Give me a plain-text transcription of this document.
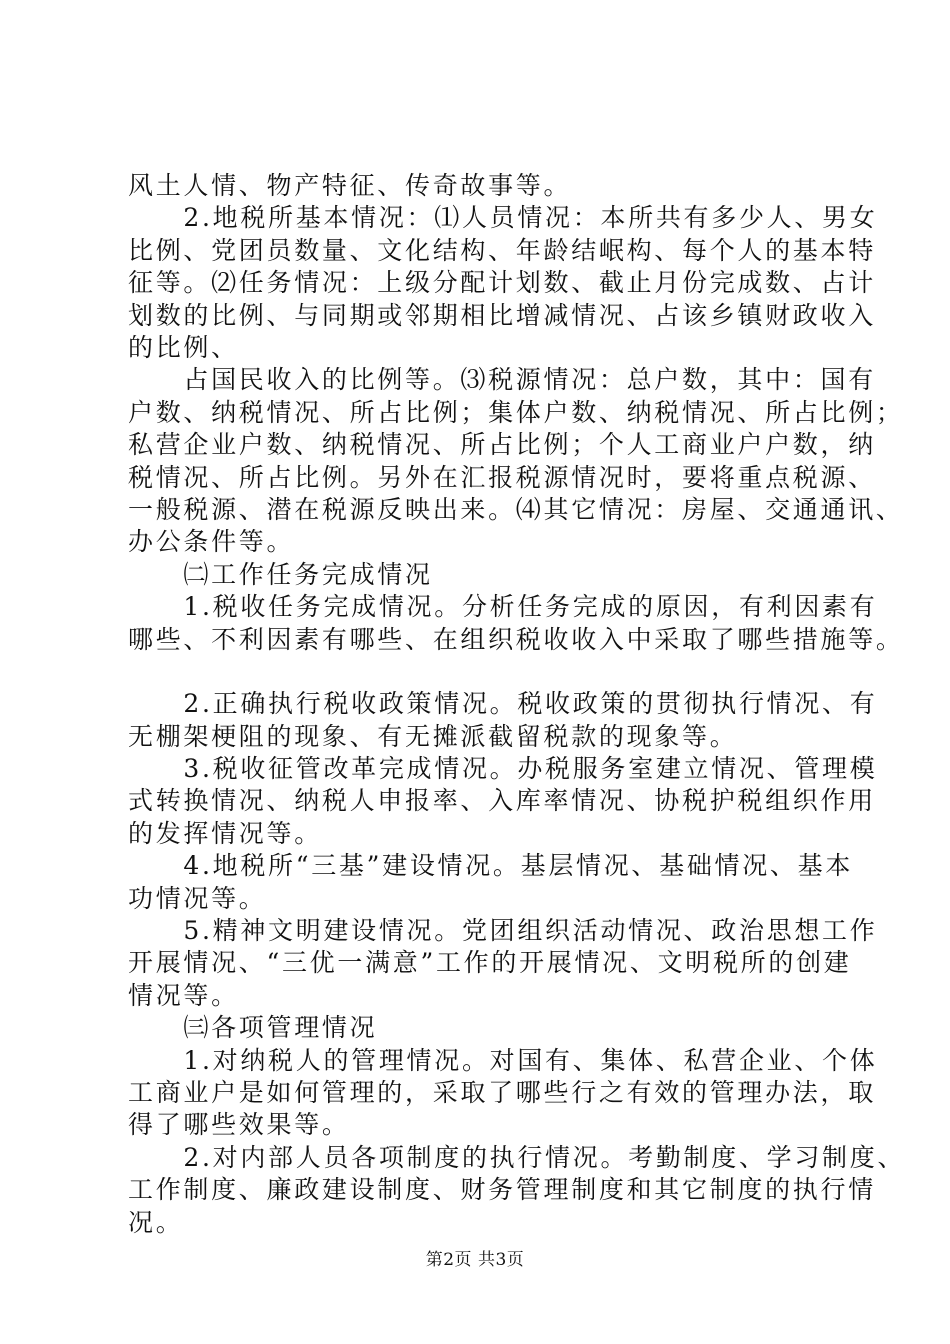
风土人情、物产特征、传奇故事等。
　　2.地税所基本情况：⑴人员情况：本所共有多少人、男女
比例、党团员数量、文化结构、年龄结岷构、每个人的基本特
征等。⑵任务情况：上级分配计划数、截止月份完成数、占计
划数的比例、与同期或邻期相比增减情况、占该乡镇财政收入
的比例、
　　占国民收入的比例等。⑶税源情况：总户数，其中：国有
户数、纳税情况、所占比例；集体户数、纳税情况、所占比例；
私营企业户数、纳税情况、所占比例；个人工商业户户数，纳
税情况、所占比例。另外在汇报税源情况时，要将重点税源、
一般税源、潜在税源反映出来。⑷其它情况：房屋、交通通讯、
办公条件等。
　　㈡工作任务完成情况
　　1.税收任务完成情况。分析任务完成的原因，有利因素有
哪些、不利因素有哪些、在组织税收收入中采取了哪些措施等。
　　2.正确执行税收政策情况。税收政策的贯彻执行情况、有
无棚架梗阻的现象、有无摊派截留税款的现象等。
　　3.税收征管改革完成情况。办税服务室建立情况、管理模
式转换情况、纳税人申报率、入库率情况、协税护税组织作用
的发挥情况等。
　　4.地税所“三基”建设情况。基层情况、基础情况、基本
功情况等。
　　5.精神文明建设情况。党团组织活动情况、政治思想工作
开展情况、“三优一满意”工作的开展情况、文明税所的创建
情况等。
　　㈢各项管理情况
　　1.对纳税人的管理情况。对国有、集体、私营企业、个体
工商业户是如何管理的，采取了哪些行之有效的管理办法，取
得了哪些效果等。
　　2.对内部人员各项制度的执行情况。考勤制度、学习制度、
工作制度、廉政建设制度、财务管理制度和其它制度的执行情
况。
第2页 共3页
